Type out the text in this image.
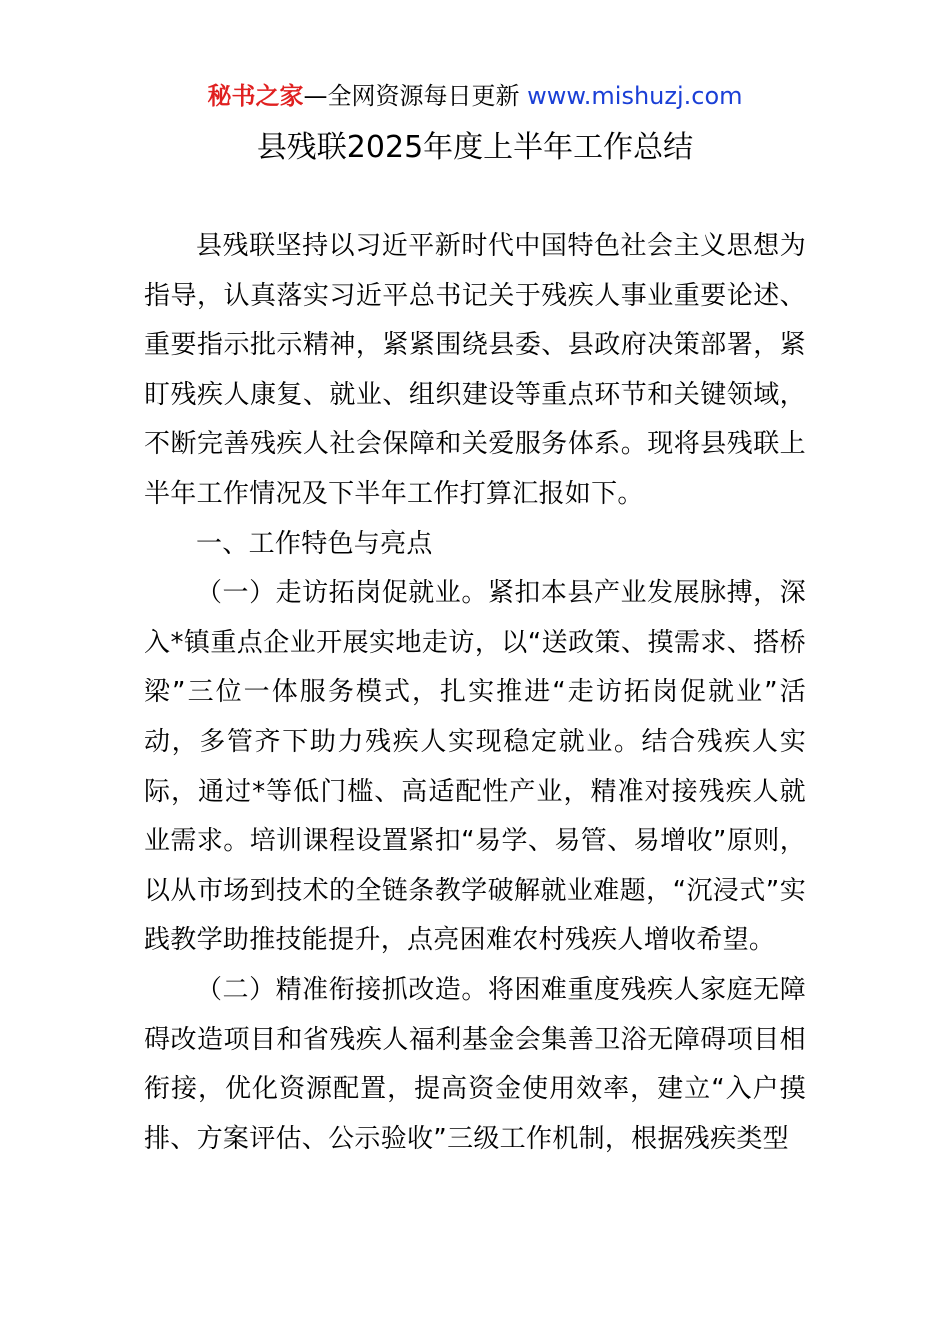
秘书之家—全网资源每日更新 www.mishuzj.com
县残联2025年度上半年工作总结

县残联坚持以习近平新时代中国特色社会主义思想为指导，认真落实习近平总书记关于残疾人事业重要论述、重要指示批示精神，紧紧围绕县委、县政府决策部署，紧盯残疾人康复、就业、组织建设等重点环节和关键领域，不断完善残疾人社会保障和关爱服务体系。现将县残联上半年工作情况及下半年工作打算汇报如下。

一、工作特色与亮点

（一）走访拓岗促就业。紧扣本县产业发展脉搏，深入*镇重点企业开展实地走访，以“送政策、摸需求、搭桥梁”三位一体服务模式，扎实推进“走访拓岗促就业”活动，多管齐下助力残疾人实现稳定就业。结合残疾人实际，通过*等低门槛、高适配性产业，精准对接残疾人就业需求。培训课程设置紧扣“易学、易管、易增收”原则，以从市场到技术的全链条教学破解就业难题，“沉浸式”实践教学助推技能提升，点亮困难农村残疾人增收希望。

（二）精准衔接抓改造。将困难重度残疾人家庭无障碍改造项目和省残疾人福利基金会集善卫浴无障碍项目相衔接，优化资源配置，提高资金使用效率，建立“入户摸排、方案评估、公示验收”三级工作机制，根据残疾类型
